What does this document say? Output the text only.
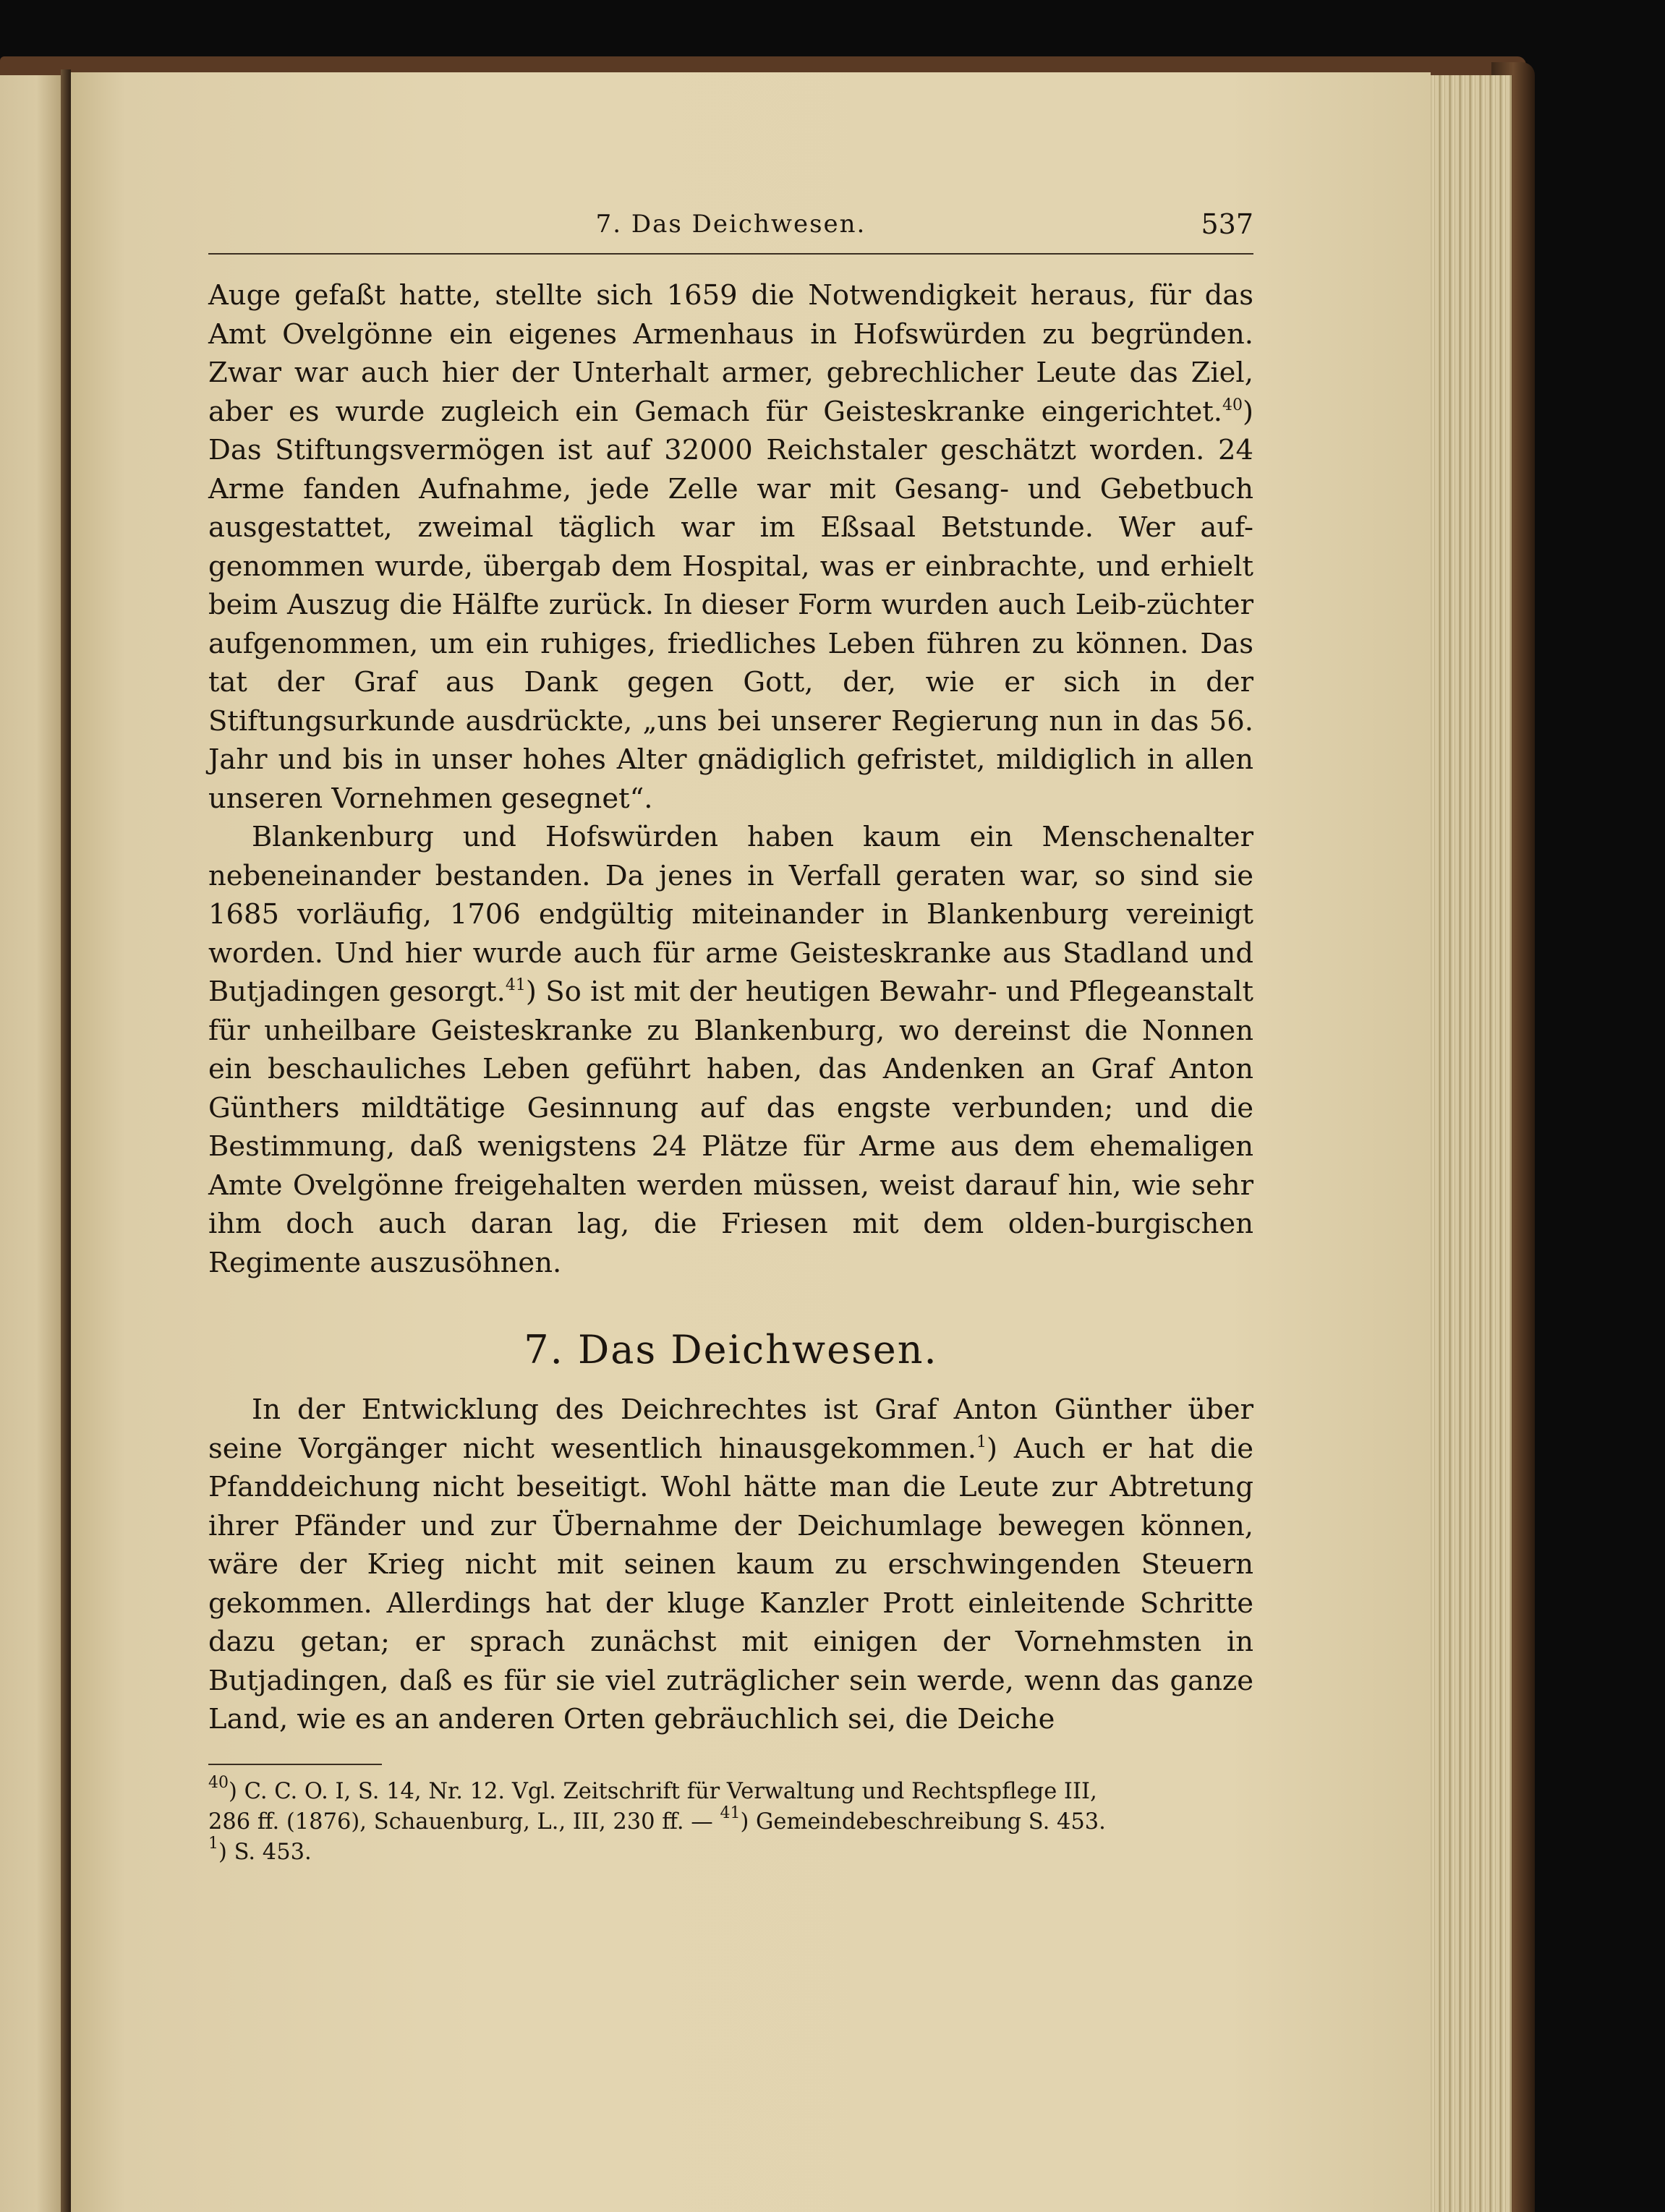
7. Das Deichwesen.	537

Auge gefaßt hatte, stellte sich 1659 die Notwendigkeit heraus, für das Amt Ovelgönne ein eigenes Armenhaus in Hofswürden zu begründen. Zwar war auch hier der Unterhalt armer, gebrechlicher Leute das Ziel, aber es wurde zugleich ein Gemach für Geisteskranke eingerichtet.$^{40}$) Das Stiftungsvermögen ist auf 32000 Reichstaler geschätzt worden. 24 Arme fanden Aufnahme, jede Zelle war mit Gesang- und Gebetbuch ausgestattet, zweimal täglich war im Eßsaal Betstunde. Wer auf-genommen wurde, übergab dem Hospital, was er einbrachte, und erhielt beim Auszug die Hälfte zurück. In dieser Form wurden auch Leib-züchter aufgenommen, um ein ruhiges, friedliches Leben führen zu können. Das tat der Graf aus Dank gegen Gott, der, wie er sich in der Stiftungsurkunde ausdrückte, „uns bei unserer Regierung nun in das 56. Jahr und bis in unser hohes Alter gnädiglich gefristet, mildiglich in allen unseren Vornehmen gesegnet“.

Blankenburg und Hofswürden haben kaum ein Menschenalter nebeneinander bestanden. Da jenes in Verfall geraten war, so sind sie 1685 vorläufig, 1706 endgültig miteinander in Blankenburg vereinigt worden. Und hier wurde auch für arme Geisteskranke aus Stadland und Butjadingen gesorgt.$^{41}$) So ist mit der heutigen Bewahr- und Pflegeanstalt für unheilbare Geisteskranke zu Blankenburg, wo dereinst die Nonnen ein beschauliches Leben geführt haben, das Andenken an Graf Anton Günthers mildtätige Gesinnung auf das engste verbunden; und die Bestimmung, daß wenigstens 24 Plätze für Arme aus dem ehemaligen Amte Ovelgönne freigehalten werden müssen, weist darauf hin, wie sehr ihm doch auch daran lag, die Friesen mit dem olden-burgischen Regimente auszusöhnen.

7. Das Deichwesen.

In der Entwicklung des Deichrechtes ist Graf Anton Günther über seine Vorgänger nicht wesentlich hinausgekommen.$^1$) Auch er hat die Pfanddeichung nicht beseitigt. Wohl hätte man die Leute zur Abtretung ihrer Pfänder und zur Übernahme der Deichumlage bewegen können, wäre der Krieg nicht mit seinen kaum zu erschwingenden Steuern gekommen. Allerdings hat der kluge Kanzler Prott einleitende Schritte dazu getan; er sprach zunächst mit einigen der Vornehmsten in Butjadingen, daß es für sie viel zuträglicher sein werde, wenn das ganze Land, wie es an anderen Orten gebräuchlich sei, die Deiche

$^{40}$) C. C. O. I, S. 14, Nr. 12. Vgl. Zeitschrift für Verwaltung und Rechtspflege III,
286 ff. (1876), Schauenburg, L., III, 230 ff. — $^{41}$) Gemeindebeschreibung S. 453.

$^1$) S. 453.
